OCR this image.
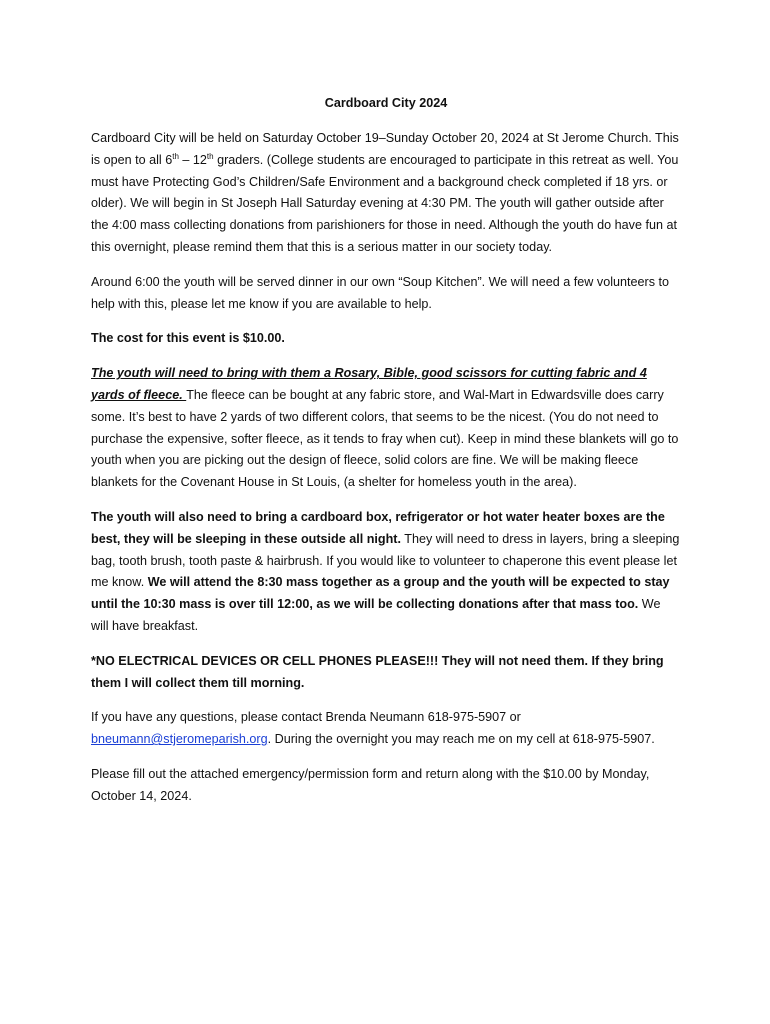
Cardboard City 2024

Cardboard City will be held on Saturday October 19–Sunday October 20, 2024 at St Jerome Church. This is open to all 6th – 12th graders. (College students are encouraged to participate in this retreat as well. You must have Protecting God’s Children/Safe Environment and a background check completed if 18 yrs. or older). We will begin in St Joseph Hall Saturday evening at 4:30 PM. The youth will gather outside after the 4:00 mass collecting donations from parishioners for those in need. Although the youth do have fun at this overnight, please remind them that this is a serious matter in our society today.

Around 6:00 the youth will be served dinner in our own “Soup Kitchen”. We will need a few volunteers to help with this, please let me know if you are available to help.

The cost for this event is $10.00.

The youth will need to bring with them a Rosary, Bible, good scissors for cutting fabric and 4 yards of fleece. The fleece can be bought at any fabric store, and Wal-Mart in Edwardsville does carry some. It’s best to have 2 yards of two different colors, that seems to be the nicest. (You do not need to purchase the expensive, softer fleece, as it tends to fray when cut). Keep in mind these blankets will go to youth when you are picking out the design of fleece, solid colors are fine. We will be making fleece blankets for the Covenant House in St Louis, (a shelter for homeless youth in the area).

The youth will also need to bring a cardboard box, refrigerator or hot water heater boxes are the best, they will be sleeping in these outside all night. They will need to dress in layers, bring a sleeping bag, tooth brush, tooth paste & hairbrush. If you would like to volunteer to chaperone this event please let me know. We will attend the 8:30 mass together as a group and the youth will be expected to stay until the 10:30 mass is over till 12:00, as we will be collecting donations after that mass too. We will have breakfast.

*NO ELECTRICAL DEVICES OR CELL PHONES PLEASE!!! They will not need them. If they bring them I will collect them till morning.

If you have any questions, please contact Brenda Neumann 618-975-5907 or bneumann@stjeromeparish.org. During the overnight you may reach me on my cell at 618-975-5907.

Please fill out the attached emergency/permission form and return along with the $10.00 by Monday, October 14, 2024.
